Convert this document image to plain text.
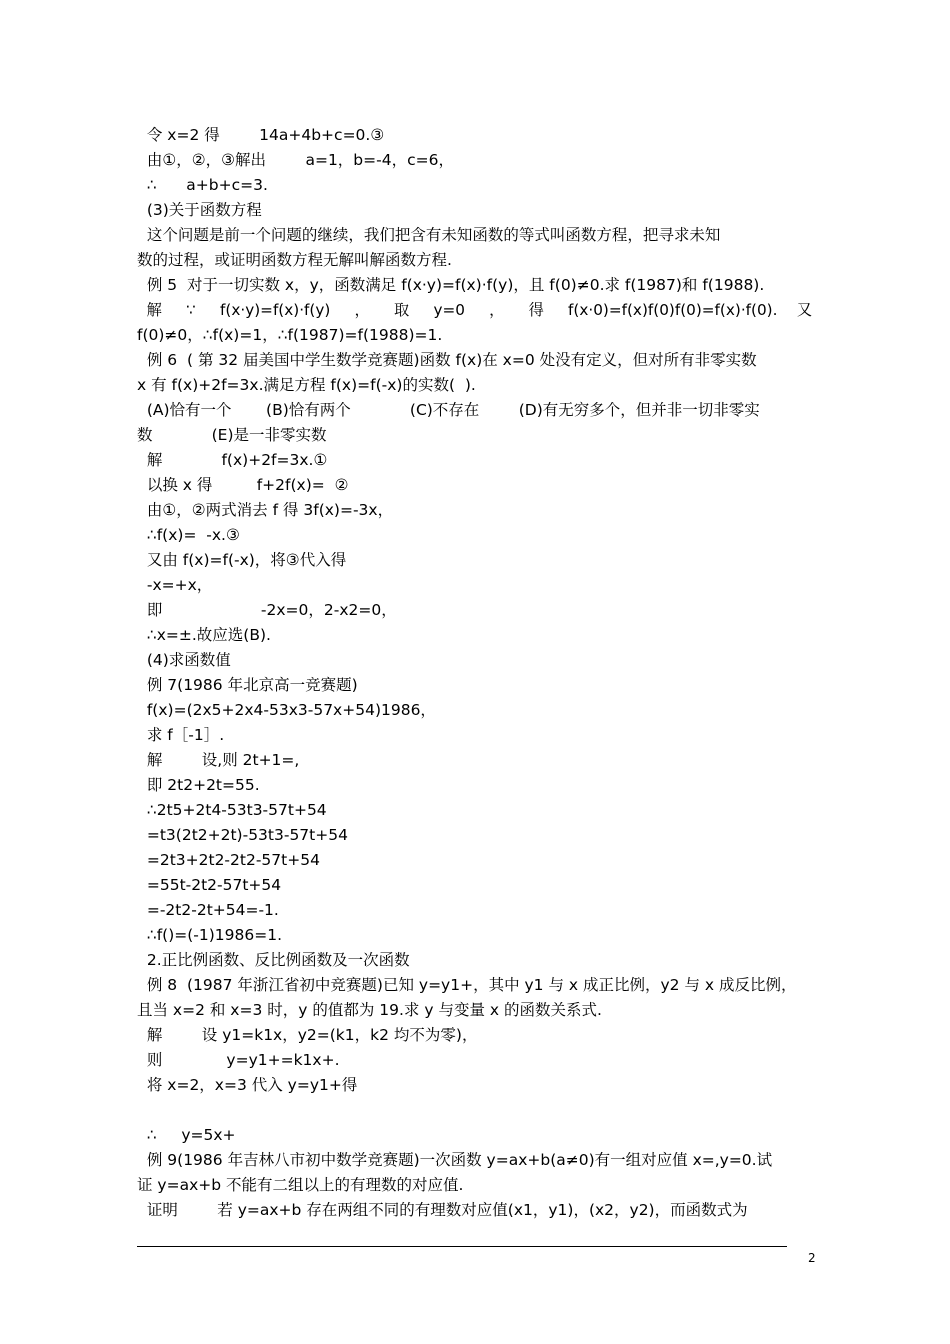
令 x=2 得        14a+4b+c=0.③
由①，②，③解出        a=1，b=-4，c=6，
∴      a+b+c=3.
(3)关于函数方程
这个问题是前一个问题的继续，我们把含有未知函数的等式叫函数方程，把寻求未知
数的过程，或证明函数方程无解叫解函数方程.
例 5  对于一切实数 x，y，函数满足 f(x·y)=f(x)·f(y)，且 f(0)≠0.求 f(1987)和 f(1988).
解     ∵     f(x·y)=f(x)·f(y)     ，     取     y=0     ，     得     f(x·0)=f(x)f(0)f(0)=f(x)·f(0).    又
f(0)≠0，∴f(x)=1，∴f(1987)=f(1988)=1.
例 6  ( 第 32 届美国中学生数学竞赛题)函数 f(x)在 x=0 处没有定义，但对所有非零实数
x 有 f(x)+2f=3x.满足方程 f(x)=f(-x)的实数(  ).
(A)恰有一个       (B)恰有两个            (C)不存在        (D)有无穷多个，但并非一切非零实
数            (E)是一非零实数
解            f(x)+2f=3x.①
以换 x 得         f+2f(x)=  ②
由①，②两式消去 f 得 3f(x)=-3x，
∴f(x)=  -x.③
又由 f(x)=f(-x)，将③代入得
-x=+x，
即                    -2x=0，2-x2=0，
∴x=±.故应选(B).
(4)求函数值
例 7(1986 年北京高一竞赛题)
f(x)=(2x5+2x4-53x3-57x+54)1986，
求 f［-1］.
解        设,则 2t+1=,
即 2t2+2t=55.
∴2t5+2t4-53t3-57t+54
=t3(2t2+2t)-53t3-57t+54
=2t3+2t2-2t2-57t+54
=55t-2t2-57t+54
=-2t2-2t+54=-1.
∴f()=(-1)1986=1.
2.正比例函数、反比例函数及一次函数
例 8  (1987 年浙江省初中竞赛题)已知 y=y1+，其中 y1 与 x 成正比例，y2 与 x 成反比例，
且当 x=2 和 x=3 时，y 的值都为 19.求 y 与变量 x 的函数关系式.
解        设 y1=k1x，y2=(k1，k2 均不为零)，
则             y=y1+=k1x+.
将 x=2，x=3 代入 y=y1+得
∴     y=5x+
例 9(1986 年吉林八市初中数学竞赛题)一次函数 y=ax+b(a≠0)有一组对应值 x=,y=0.试
证 y=ax+b 不能有二组以上的有理数的对应值.
证明        若 y=ax+b 存在两组不同的有理数对应值(x1，y1)，(x2，y2)，而函数式为
2
